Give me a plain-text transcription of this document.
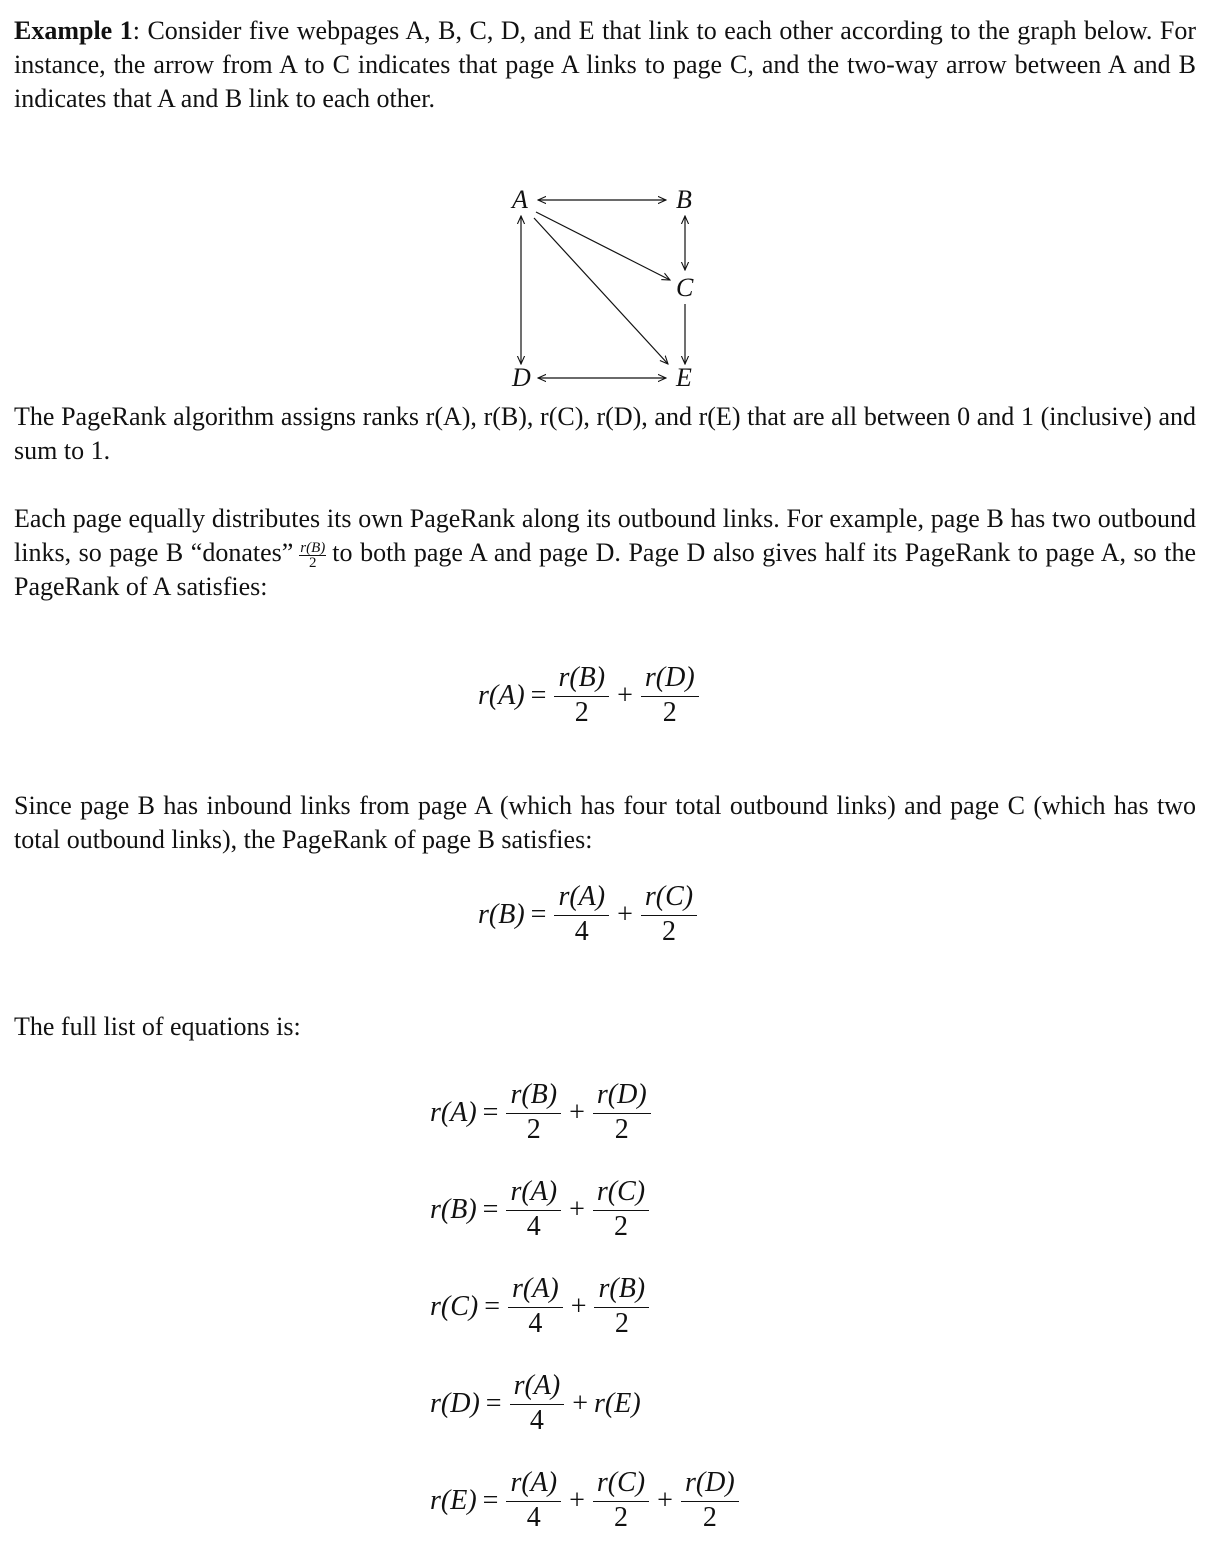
Example 1: Consider five webpages A, B, C, D, and E that link to each other according to the graph below. For instance, the arrow from A to C indicates that page A links to page C, and the two-way arrow between A and B indicates that A and B link to each other.
A	B
C
D	E
The PageRank algorithm assigns ranks r(A), r(B), r(C), r(D), and r(E) that are all between 0 and 1 (inclusive) and sum to 1.
Each page equally distributes its own PageRank along its outbound links. For example, page B has two outbound links, so page B “donates” $\frac{r(B)}{2}$ to both page A and page D. Page D also gives half its PageRank to page A, so the PageRank of A satisfies:
$r(A) = \frac{r(B)}{2} + \frac{r(D)}{2}$
Since page B has inbound links from page A (which has four total outbound links) and page C (which has two total outbound links), the PageRank of page B satisfies:
$r(B) = \frac{r(A)}{4} + \frac{r(C)}{2}$
The full list of equations is:
$r(A) = \frac{r(B)}{2} + \frac{r(D)}{2}$
$r(B) = \frac{r(A)}{4} + \frac{r(C)}{2}$
$r(C) = \frac{r(A)}{4} + \frac{r(B)}{2}$
$r(D) = \frac{r(A)}{4} + r(E)$
$r(E) = \frac{r(A)}{4} + \frac{r(C)}{2} + \frac{r(D)}{2}$
